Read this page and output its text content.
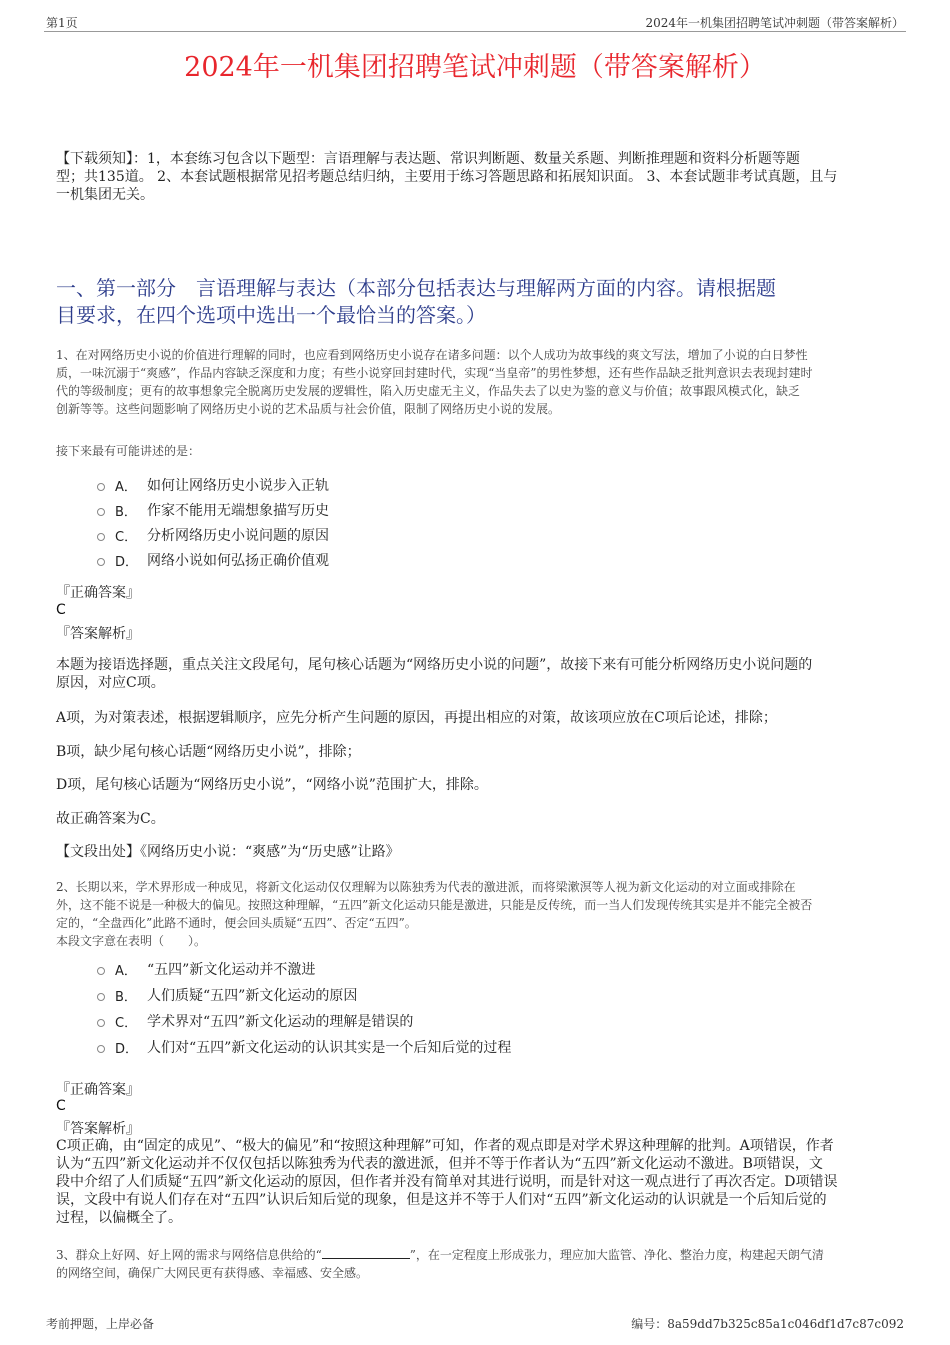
第1页	2024年一机集团招聘笔试冲刺题（带答案解析）
2024年一机集团招聘笔试冲刺题（带答案解析）
【下载须知】：1，本套练习包含以下题型：言语理解与表达题、常识判断题、数量关系题、判断推理题和资料分析题等题
型；共135道。 2、本套试题根据常见招考题总结归纳，主要用于练习答题思路和拓展知识面。 3、本套试题非考试真题，且与
一机集团无关。
一、第一部分　言语理解与表达（本部分包括表达与理解两方面的内容。请根据题
目要求，在四个选项中选出一个最恰当的答案。）
1、在对网络历史小说的价值进行理解的同时，也应看到网络历史小说存在诸多问题：以个人成功为故事线的爽文写法，增加了小说的白日梦性
质，一味沉溺于“爽感”，作品内容缺乏深度和力度；有些小说穿回封建时代，实现“当皇帝”的男性梦想，还有些作品缺乏批判意识去表现封建时
代的等级制度；更有的故事想象完全脱离历史发展的逻辑性，陷入历史虚无主义，作品失去了以史为鉴的意义与价值；故事跟风模式化，缺乏
创新等等。这些问题影响了网络历史小说的艺术品质与社会价值，限制了网络历史小说的发展。
接下来最有可能讲述的是：
A． 如何让网络历史小说步入正轨
B． 作家不能用无端想象描写历史
C． 分析网络历史小说问题的原因
D． 网络小说如何弘扬正确价值观
『正确答案』
C
『答案解析』
本题为接语选择题，重点关注文段尾句，尾句核心话题为“网络历史小说的问题”，故接下来有可能分析网络历史小说问题的
原因，对应C项。
A项，为对策表述，根据逻辑顺序，应先分析产生问题的原因，再提出相应的对策，故该项应放在C项后论述，排除；
B项，缺少尾句核心话题“网络历史小说”，排除；
D项，尾句核心话题为“网络历史小说”，“网络小说”范围扩大，排除。
故正确答案为C。
【文段出处】《网络历史小说：“爽感”为“历史感”让路》
2、长期以来，学术界形成一种成见，将新文化运动仅仅理解为以陈独秀为代表的激进派，而将梁漱溟等人视为新文化运动的对立面或排除在
外，这不能不说是一种极大的偏见。按照这种理解，“五四”新文化运动只能是激进，只能是反传统，而一当人们发现传统其实是并不能完全被否
定的，“全盘西化”此路不通时，便会回头质疑“五四”、否定“五四”。
本段文字意在表明（　　）。
A． “五四”新文化运动并不激进
B． 人们质疑“五四”新文化运动的原因
C． 学术界对“五四”新文化运动的理解是错误的
D． 人们对“五四”新文化运动的认识其实是一个后知后觉的过程
『正确答案』
C
『答案解析』
C项正确，由“固定的成见”、“极大的偏见”和“按照这种理解”可知，作者的观点即是对学术界这种理解的批判。A项错误，作者
认为“五四”新文化运动并不仅仅包括以陈独秀为代表的激进派，但并不等于作者认为“五四”新文化运动不激进。B项错误，文
段中介绍了人们质疑“五四”新文化运动的原因，但作者并没有简单对其进行说明，而是针对这一观点进行了再次否定。D项错误
误，文段中有说人们存在对“五四”认识后知后觉的现象，但是这并不等于人们对“五四”新文化运动的认识就是一个后知后觉的
过程，以偏概全了。
3、群众上好网、好上网的需求与网络信息供给的“	”，在一定程度上形成张力，理应加大监管、净化、整治力度，构建起天朗气清
的网络空间，确保广大网民更有获得感、幸福感、安全感。
考前押题，上岸必备	编号：8a59dd7b325c85a1c046df1d7c87c092
